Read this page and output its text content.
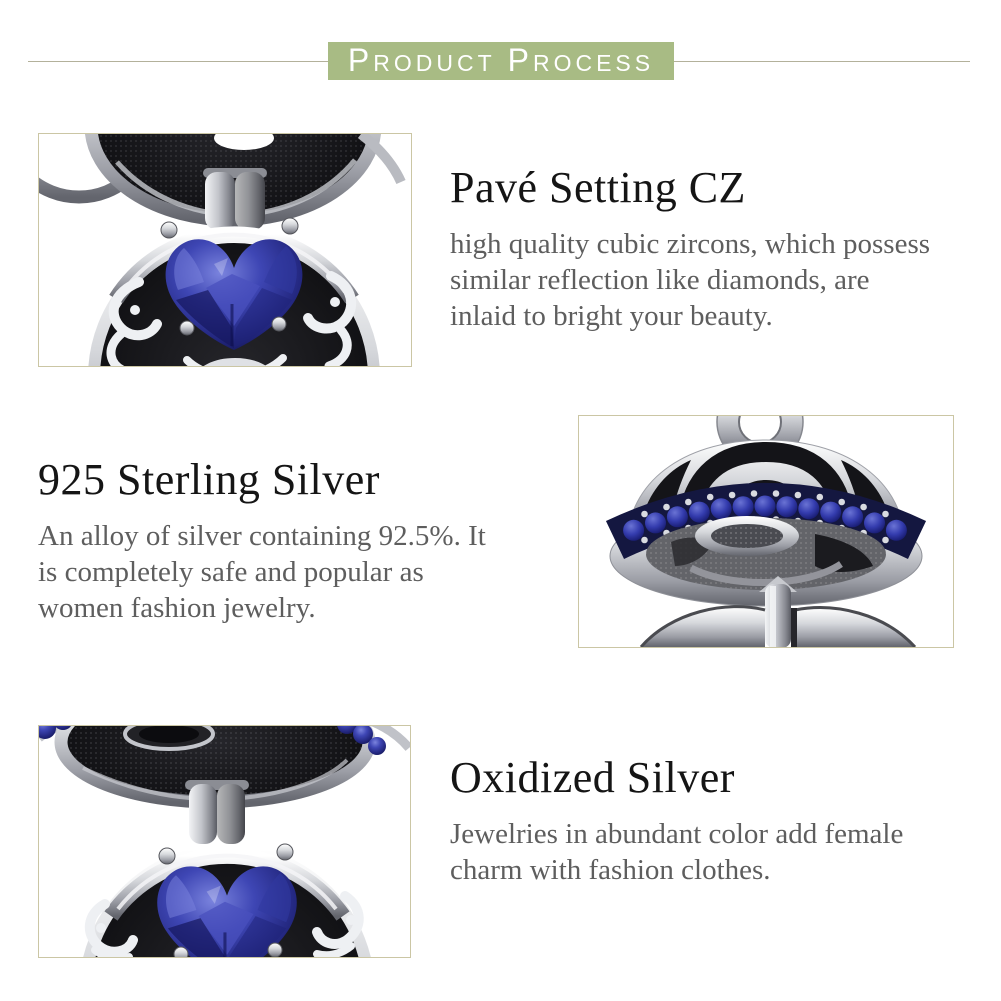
PRODUCT PROCESS
Pavé Setting CZ
high quality cubic zircons, which possess
similar reflection like diamonds, are
inlaid to bright your beauty.
925 Sterling Silver
An alloy of silver containing 92.5%. It
is completely safe and popular as
women fashion jewelry.
Oxidized Silver
Jewelries in abundant color add female
charm with fashion clothes.
